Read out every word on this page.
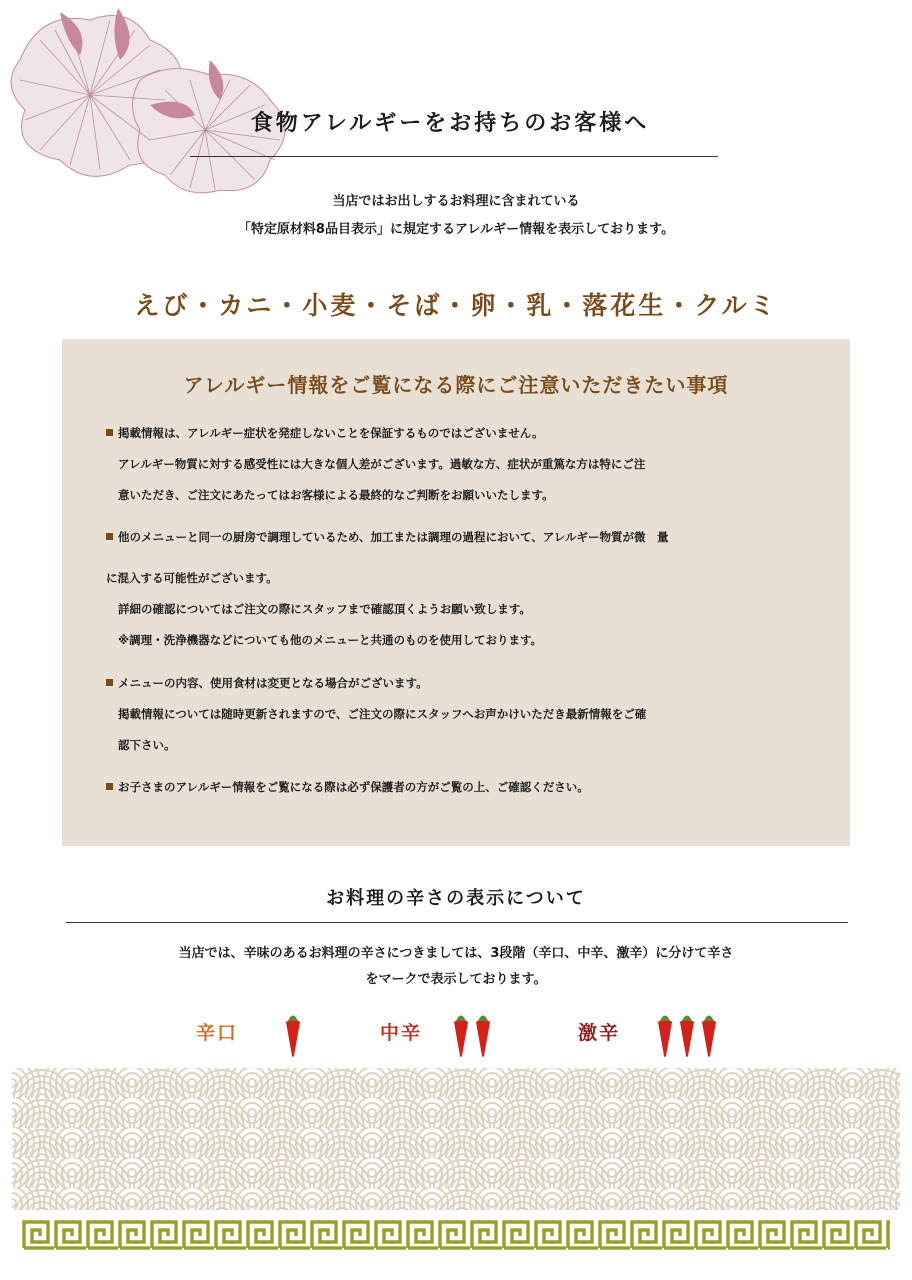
食物アレルギーをお持ちのお客様へ
当店ではお出しするお料理に含まれている
「特定原材料8品目表示」に規定するアレルギー情報を表示しております。
えび・カニ・小麦・そば・卵・乳・落花生・クルミ
アレルギー情報をご覧になる際にご注意いただきたい事項
掲載情報は、アレルギー症状を発症しないことを保証するものではございません。
アレルギー物質に対する感受性には大きな個人差がございます。過敏な方、症状が重篤な方は特にご注
意いただき、ご注文にあたってはお客様による最終的なご判断をお願いいたします。
他のメニューと同一の厨房で調理しているため、加工または調理の過程において、アレルギー物質が微　量
に混入する可能性がございます。
詳細の確認についてはご注文の際にスタッフまで確認頂くようお願い致します。
※調理・洗浄機器などについても他のメニューと共通のものを使用しております。
メニューの内容、使用食材は変更となる場合がございます。
掲載情報については随時更新されますので、ご注文の際にスタッフへお声かけいただき最新情報をご確
認下さい。
お子さまのアレルギー情報をご覧になる際は必ず保護者の方がご覧の上、ご確認ください。
お料理の辛さの表示について
当店では、辛味のあるお料理の辛さにつきましては、3段階（辛口、中辛、激辛）に分けて辛さ
をマークで表示しております。
辛口	中辛	激辛
